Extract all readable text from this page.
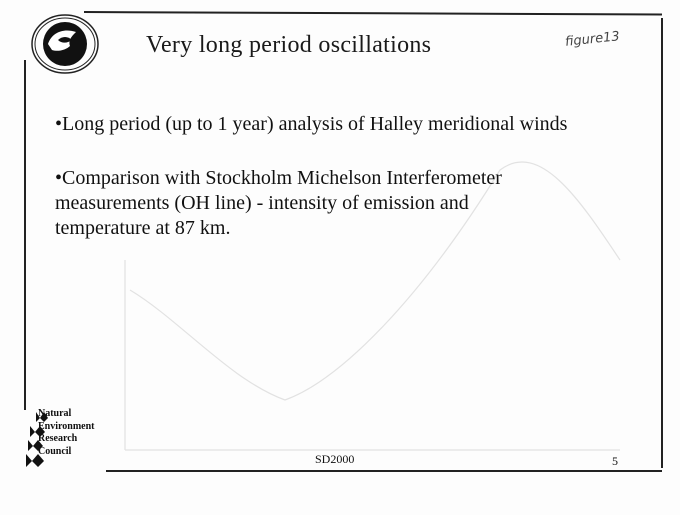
Very long period oscillations	figure13
•Long period (up to 1 year) analysis of Halley meridional winds
•Comparison with Stockholm Michelson Interferometer
measurements (OH line) - intensity of emission and
temperature at 87 km.
Natural
Environment
Research
Council
SD2000	5
